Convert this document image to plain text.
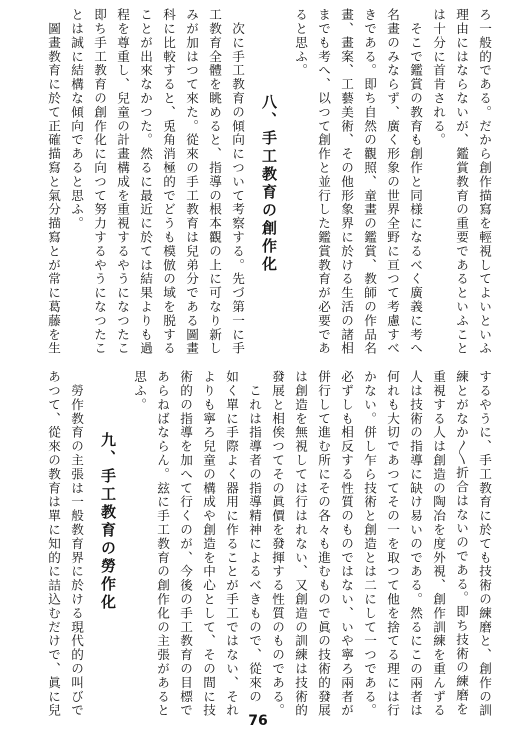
ろ一般的である。だから創作描寫を輕視してよいといふ
理由にはならないが、鑑賞教育の重要であるといふこと
は十分に首肯される。
　そこで鑑賞の教育も創作と同様になるべく廣義に考へ
名畫のみならず、廣く形象の世界全野に亘つて考慮すべ
きである。即ち自然の觀照、童畫の鑑賞、教師の作品名
畫、畫案、工藝美術、その他形象界に於ける生活の諸相
までも考へ、以つて創作と並行した鑑賞教育が必要であ
ると思ふ。
八、手工教育の創作化
　次に手工教育の傾向について考察する。先づ第一に手
工教育全體を眺めると、指導の根本觀の上に可なり新し
みが加はつて來た。從來の手工教育は兒弟分である圖畫
科に比較すると、兎角消極的でどうも模倣の域を脱する
ことが出來なかつた。然るに最近に於ては結果よりも過
程を尊重し、兒童の計畫構成を重視するやうになつたこ
即ち手工教育の創作化に向つて努力するやうになつたこ
とは誠に結構な傾向であると思ふ。
　圖畫教育に於て正確描寫と氣分描寫とが常に葛藤を生
するやうに、手工教育に於ても技術の練磨と、創作の訓
練とがなか〳〵折合はないのである。即ち技術の練磨を
重視する人は創造の陶冶を度外視、創作訓練を重んずる
人は技術の指導に缺け易いのである。然るにこの兩者は
何れも大切であつてその一を取つて他を捨てる理には行
かない。併し乍ら技術と創造とは二にして一つである。
必ずしも相反する性質のものではない、いや寧ろ兩者が
併行して進む所にその各々も進むもので眞の技術的發展
は創造を無視しては行はれない、又創造の訓練は技術的
發展と相俟つてその眞價を發揮する性質のものである。
　これは指導者の指導精神によるべきもので、從來の
如く單に手際よく器用に作ることが手工ではない、それ
よりも寧ろ兒童の構成や創造を中心として、その間に技
術的の指導を加へて行くのが、今後の手工教育の目標で
あらねばならん。玆に手工教育の創作化の主張があると
思ふ。
九、手工教育の勞作化
　勞作教育の主張は一般教育界に於ける現代的の叫びで
あつて、從來の教育は單に知的に詰込むだけで、眞に兒
76
